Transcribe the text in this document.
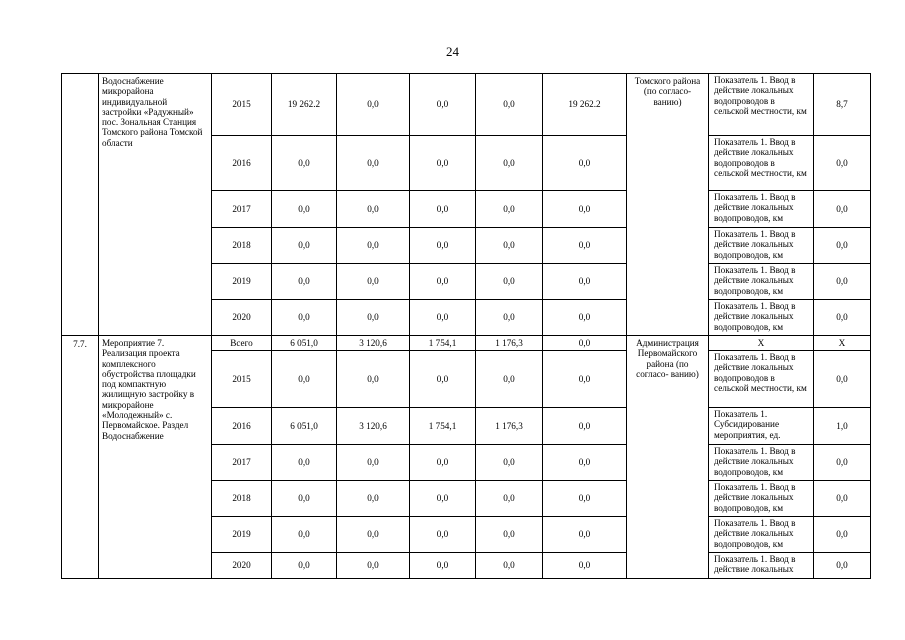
24
	Водоснабжение микрорайона индивидуальной застройки «Радужный» пос. Зональная Станция Томского района Томской области	2015	19 262.2	0,0	0,0	0,0	19 262.2	Томского района (по согласо- ванию)	Показатель 1. Ввод в действие локальных водопроводов в сельской местности, км	8,7
		2016	0,0	0,0	0,0	0,0	0,0		Показатель 1. Ввод в действие локальных водопроводов в сельской местности, км	0,0
		2017	0,0	0,0	0,0	0,0	0,0		Показатель 1. Ввод в действие локальных водопроводов, км	0,0
		2018	0,0	0,0	0,0	0,0	0,0		Показатель 1. Ввод в действие локальных водопроводов, км	0,0
		2019	0,0	0,0	0,0	0,0	0,0		Показатель 1. Ввод в действие локальных водопроводов, км	0,0
		2020	0,0	0,0	0,0	0,0	0,0		Показатель 1. Ввод в действие локальных водопроводов, км	0,0
7.7.	Мероприятие 7. Реализация проекта комплексного обустройства площадки под компактную жилищную застройку в микрорайоне «Молодежный» с. Первомайское. Раздел Водоснабжение	Всего	6 051,0	3 120,6	1 754,1	1 176,3	0,0	Администрация Первомайского района (по согласо- ванию)	Х	Х
		2015	0,0	0,0	0,0	0,0	0,0		Показатель 1. Ввод в действие локальных водопроводов в сельской местности, км	0,0
		2016	6 051,0	3 120,6	1 754,1	1 176,3	0,0		Показатель 1. Субсидирование мероприятия, ед.	1,0
		2017	0,0	0,0	0,0	0,0	0,0		Показатель 1. Ввод в действие локальных водопроводов, км	0,0
		2018	0,0	0,0	0,0	0,0	0,0		Показатель 1. Ввод в действие локальных водопроводов, км	0,0
		2019	0,0	0,0	0,0	0,0	0,0		Показатель 1. Ввод в действие локальных водопроводов, км	0,0
		2020	0,0	0,0	0,0	0,0	0,0		Показатель 1. Ввод в действие локальных	0,0
